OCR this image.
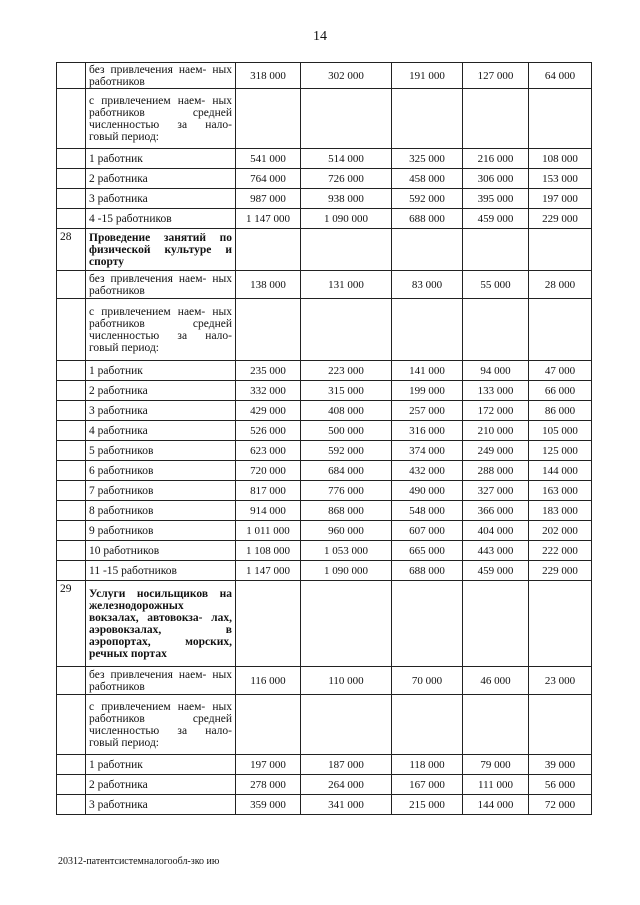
14
	без привлечения наем- ных работников	318 000	302 000	191 000	127 000	64 000
	с привлечением наем- ных работников средней численностью за нало- говый период:					
	1 работник	541 000	514 000	325 000	216 000	108 000
	2 работника	764 000	726 000	458 000	306 000	153 000
	3 работника	987 000	938 000	592 000	395 000	197 000
	4 -15 работников	1 147 000	1 090 000	688 000	459 000	229 000
28	Проведение занятий по физической культуре и спорту					
	без привлечения наем- ных работников	138 000	131 000	83 000	55 000	28 000
	с привлечением наем- ных работников средней численностью за нало- говый период:					
	1 работник	235 000	223 000	141 000	94 000	47 000
	2 работника	332 000	315 000	199 000	133 000	66 000
	3 работника	429 000	408 000	257 000	172 000	86 000
	4 работника	526 000	500 000	316 000	210 000	105 000
	5 работников	623 000	592 000	374 000	249 000	125 000
	6 работников	720 000	684 000	432 000	288 000	144 000
	7 работников	817 000	776 000	490 000	327 000	163 000
	8 работников	914 000	868 000	548 000	366 000	183 000
	9 работников	1 011 000	960 000	607 000	404 000	202 000
	10 работников	1 108 000	1 053 000	665 000	443 000	222 000
	11 -15 работников	1 147 000	1 090 000	688 000	459 000	229 000
29	Услуги носильщиков на железнодорожных вокзалах, автовокза- лах, аэровокзалах, в аэропортах, морских, речных портах					
	без привлечения наем- ных работников	116 000	110 000	70 000	46 000	23 000
	с привлечением наем- ных работников средней численностью за нало- говый период:					
	1 работник	197 000	187 000	118 000	79 000	39 000
	2 работника	278 000	264 000	167 000	111 000	56 000
	3 работника	359 000	341 000	215 000	144 000	72 000
20312-патентсистемналогообл-зко ию
